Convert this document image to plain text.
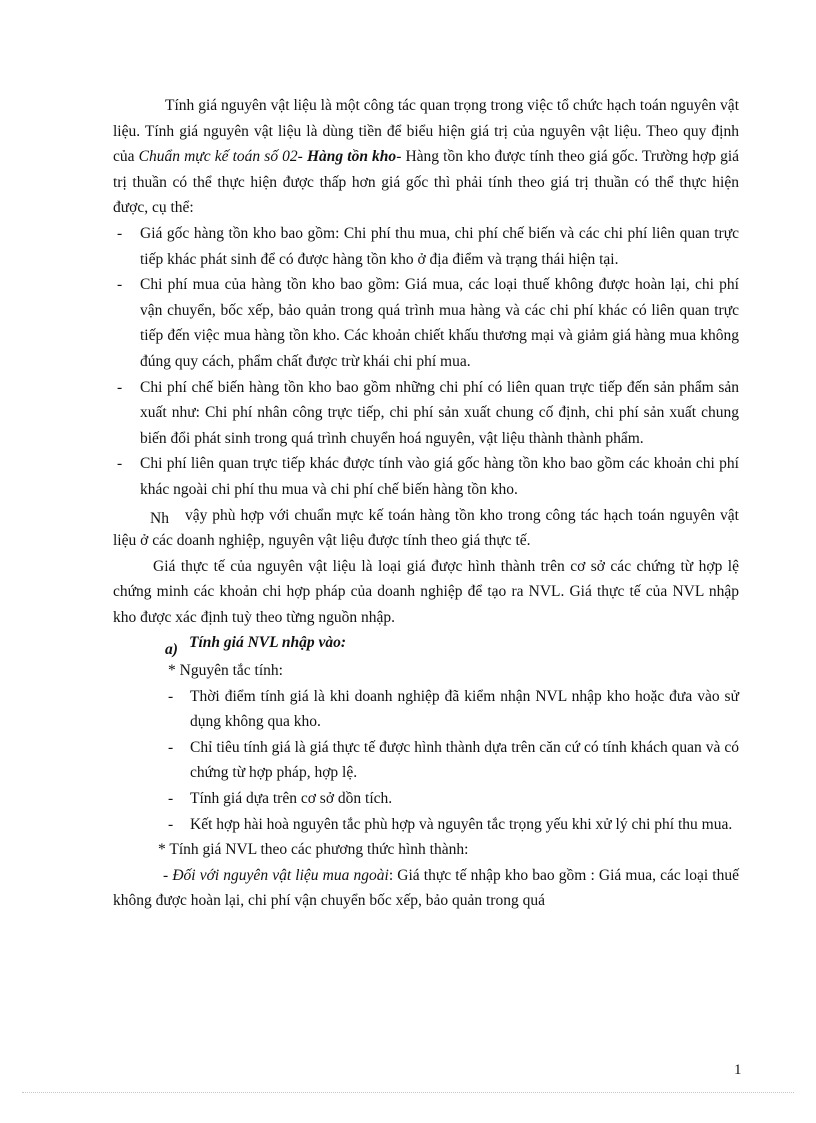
Tính giá nguyên vật liệu là một công tác quan trọng trong việc tổ chức hạch toán nguyên vật liệu. Tính giá nguyên vật liệu là dùng tiền để biểu hiện giá trị của nguyên vật liệu. Theo quy định của Chuẩn mực kế toán số 02- Hàng tồn kho- Hàng tồn kho được tính theo giá gốc. Trường hợp giá trị thuần có thể thực hiện được thấp hơn giá gốc thì phải tính theo giá trị thuần có thể thực hiện được, cụ thể:

- Giá gốc hàng tồn kho bao gồm: Chi phí thu mua, chi phí chế biến và các chi phí liên quan trực tiếp khác phát sinh để có được hàng tồn kho ở địa điểm và trạng thái hiện tại.
- Chi phí mua của hàng tồn kho bao gồm: Giá mua, các loại thuế không được hoàn lại, chi phí vận chuyển, bốc xếp, bảo quản trong quá trình mua hàng và các chi phí khác có liên quan trực tiếp đến việc mua hàng tồn kho. Các khoản chiết khấu thương mại và giảm giá hàng mua không đúng quy cách, phẩm chất được trừ khái chi phí mua.
- Chi phí chế biến hàng tồn kho bao gồm những chi phí có liên quan trực tiếp đến sản phẩm sản xuất như: Chi phí nhân công trực tiếp, chi phí sản xuất chung cố định, chi phí sản xuất chung biến đổi phát sinh trong quá trình chuyển hoá nguyên, vật liệu thành thành phẩm.
- Chi phí liên quan trực tiếp khác được tính vào giá gốc hàng tồn kho bao gồm các khoản chi phí khác ngoài chi phí thu mua và chi phí chế biến hàng tồn kho.

Nh vậy phù hợp với chuẩn mực kế toán hàng tồn kho trong công tác hạch toán nguyên vật liệu ở các doanh nghiệp, nguyên vật liệu được tính theo giá thực tế.

Giá thực tế của nguyên vật liệu là loại giá được hình thành trên cơ sở các chứng từ hợp lệ chứng minh các khoản chi hợp pháp của doanh nghiệp để tạo ra NVL. Giá thực tế của NVL nhập kho được xác định tuỳ theo từng nguồn nhập.

a) Tính giá NVL nhập vào:

* Nguyên tắc tính:

- Thời điểm tính giá là khi doanh nghiệp đã kiểm nhận NVL nhập kho hoặc đưa vào sử dụng không qua kho.
- Chỉ tiêu tính giá là giá thực tế được hình thành dựa trên căn cứ có tính khách quan và có chứng từ hợp pháp, hợp lệ.
- Tính giá dựa trên cơ sở dồn tích.
- Kết hợp hài hoà nguyên tắc phù hợp và nguyên tắc trọng yếu khi xử lý chi phí thu mua.

* Tính giá NVL theo các phương thức hình thành:

- Đối với nguyên vật liệu mua ngoài: Giá thực tế nhập kho bao gồm : Giá mua, các loại thuế không được hoàn lại, chi phí vận chuyển bốc xếp, bảo quản trong quá

1
